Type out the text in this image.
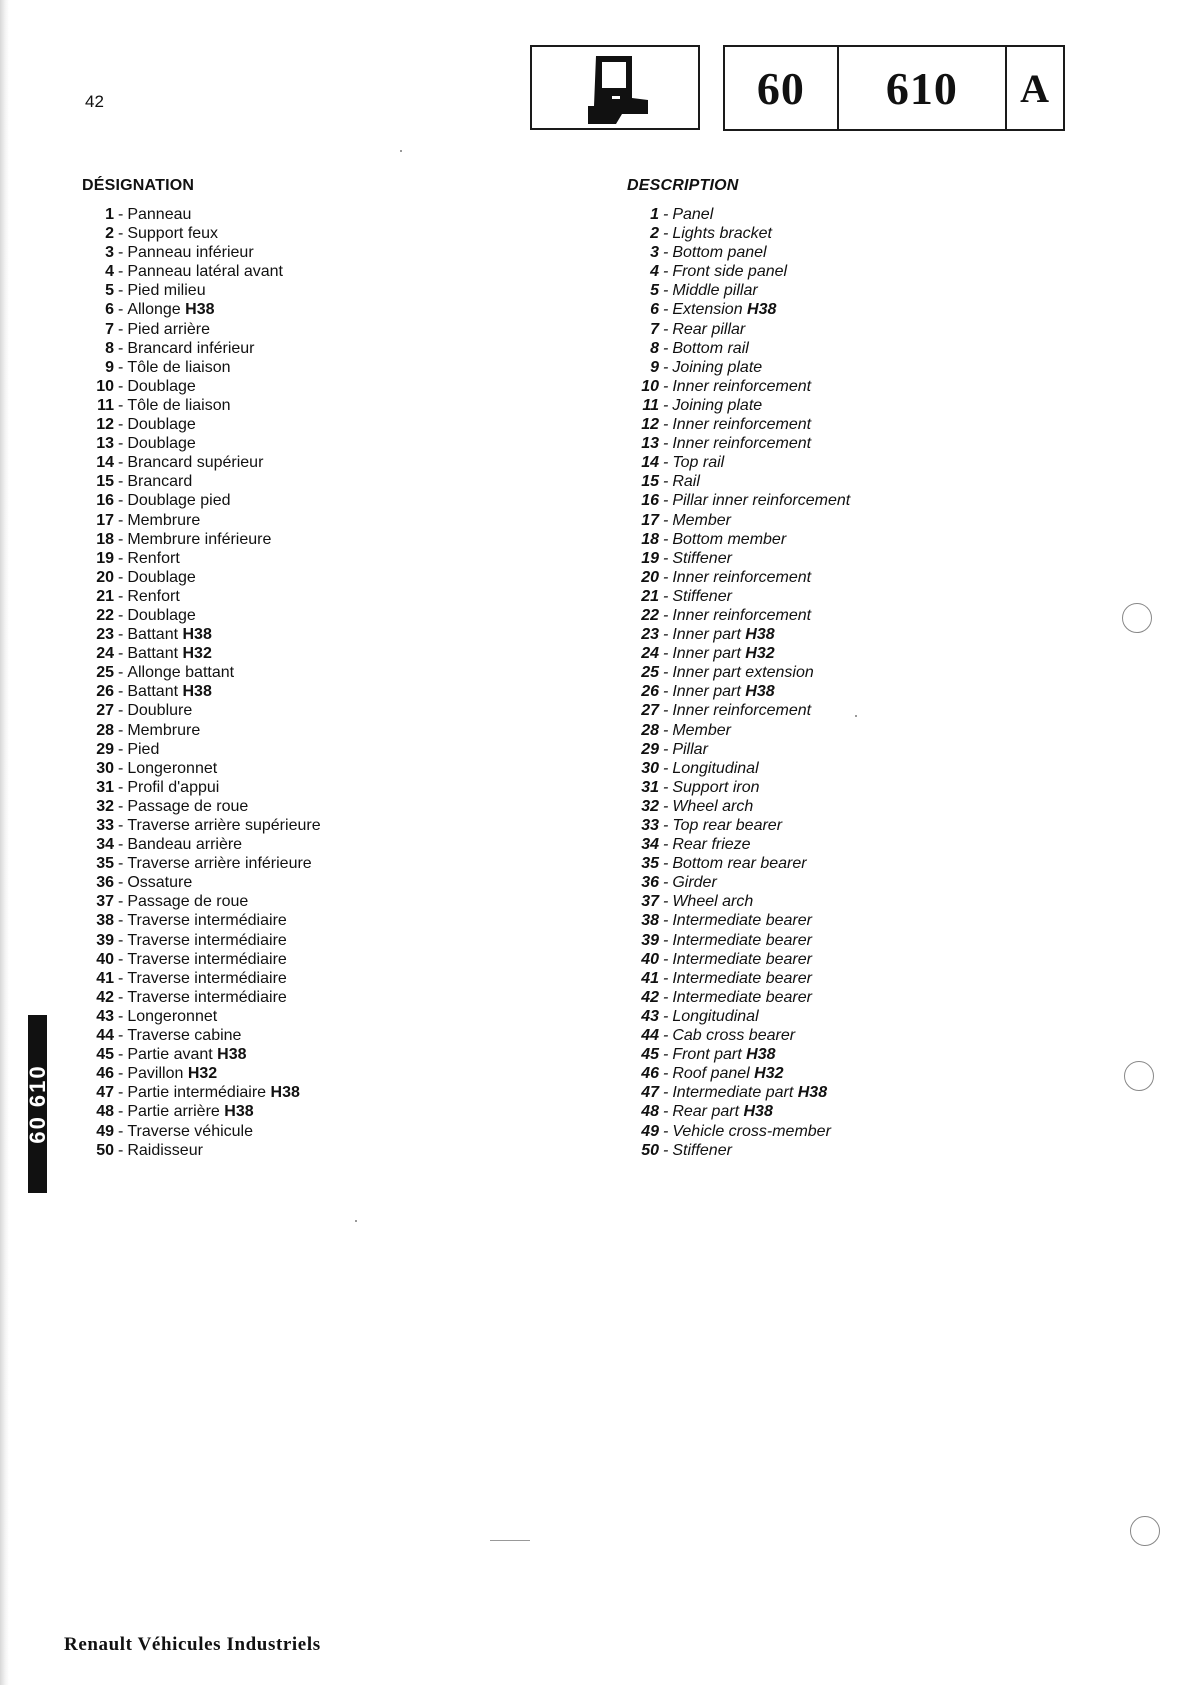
42	60	610	A
DÉSIGNATION
1 - Panneau
2 - Support feux
3 - Panneau inférieur
4 - Panneau latéral avant
5 - Pied milieu
6 - Allonge H38
7 - Pied arrière
8 - Brancard inférieur
9 - Tôle de liaison
10 - Doublage
11 - Tôle de liaison
12 - Doublage
13 - Doublage
14 - Brancard supérieur
15 - Brancard
16 - Doublage pied
17 - Membrure
18 - Membrure inférieure
19 - Renfort
20 - Doublage
21 - Renfort
22 - Doublage
23 - Battant H38
24 - Battant H32
25 - Allonge battant
26 - Battant H38
27 - Doublure
28 - Membrure
29 - Pied
30 - Longeronnet
31 - Profil d'appui
32 - Passage de roue
33 - Traverse arrière supérieure
34 - Bandeau arrière
35 - Traverse arrière inférieure
36 - Ossature
37 - Passage de roue
38 - Traverse intermédiaire
39 - Traverse intermédiaire
40 - Traverse intermédiaire
41 - Traverse intermédiaire
42 - Traverse intermédiaire
43 - Longeronnet
44 - Traverse cabine
45 - Partie avant H38
46 - Pavillon H32
47 - Partie intermédiaire H38
48 - Partie arrière H38
49 - Traverse véhicule
50 - Raidisseur
DESCRIPTION
1 - Panel
2 - Lights bracket
3 - Bottom panel
4 - Front side panel
5 - Middle pillar
6 - Extension H38
7 - Rear pillar
8 - Bottom rail
9 - Joining plate
10 - Inner reinforcement
11 - Joining plate
12 - Inner reinforcement
13 - Inner reinforcement
14 - Top rail
15 - Rail
16 - Pillar inner reinforcement
17 - Member
18 - Bottom member
19 - Stiffener
20 - Inner reinforcement
21 - Stiffener
22 - Inner reinforcement
23 - Inner part H38
24 - Inner part H32
25 - Inner part extension
26 - Inner part H38
27 - Inner reinforcement
28 - Member
29 - Pillar
30 - Longitudinal
31 - Support iron
32 - Wheel arch
33 - Top rear bearer
34 - Rear frieze
35 - Bottom rear bearer
36 - Girder
37 - Wheel arch
38 - Intermediate bearer
39 - Intermediate bearer
40 - Intermediate bearer
41 - Intermediate bearer
42 - Intermediate bearer
43 - Longitudinal
44 - Cab cross bearer
45 - Front part H38
46 - Roof panel H32
47 - Intermediate part H38
48 - Rear part H38
49 - Vehicle cross-member
50 - Stiffener
60 610
Renault Véhicules Industriels
